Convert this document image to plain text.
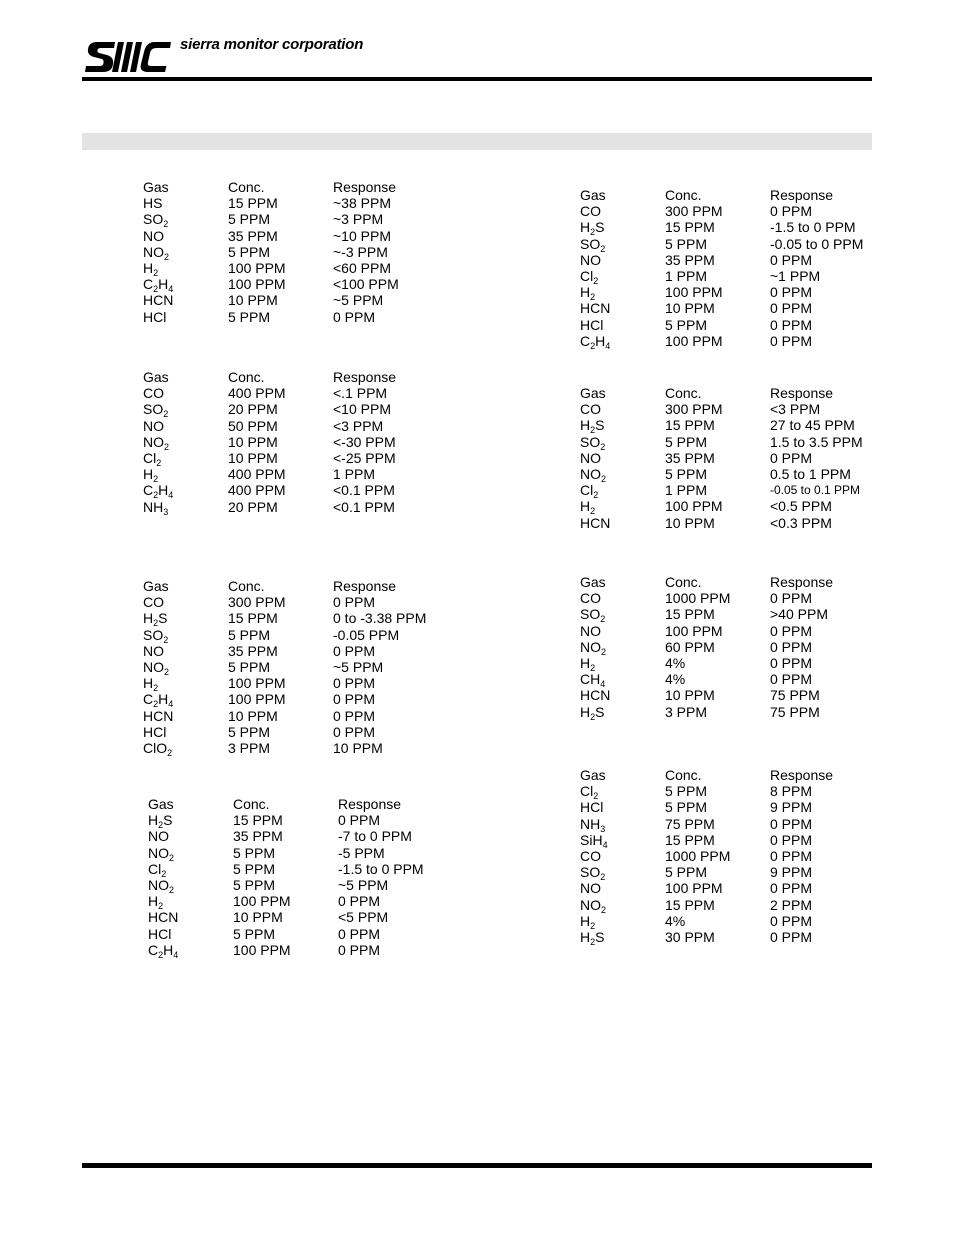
sierra monitor corporation
Gas	Conc.	Response
HS	15 PPM	~38 PPM
$SO_2$	5 PPM	~3 PPM
NO	35 PPM	~10 PPM
$NO_2$	5 PPM	~-3 PPM
$H_2$	100 PPM	<60 PPM
$C_2H_4$	100 PPM	<100 PPM
HCN	10 PPM	~5 PPM
HCl	5 PPM	0 PPM
Gas	Conc.	Response
CO	400 PPM	<.1 PPM
$SO_2$	20 PPM	<10 PPM
NO	50 PPM	<3 PPM
$NO_2$	10 PPM	<-30 PPM
$Cl_2$	10 PPM	<-25 PPM
$H_2$	400 PPM	1 PPM
$C_2H_4$	400 PPM	<0.1 PPM
$NH_3$	20 PPM	<0.1 PPM
Gas	Conc.	Response
CO	300 PPM	0 PPM
$H_2S$	15 PPM	0 to -3.38 PPM
$SO_2$	5 PPM	-0.05 PPM
NO	35 PPM	0 PPM
$NO_2$	5 PPM	~5 PPM
$H_2$	100 PPM	0 PPM
$C_2H_4$	100 PPM	0 PPM
HCN	10 PPM	0 PPM
HCl	5 PPM	0 PPM
ClO$_2$	3 PPM	10 PPM
Gas	Conc.	Response
$H_2S$	15 PPM	0 PPM
NO	35 PPM	-7 to 0 PPM
$NO_2$	5 PPM	-5 PPM
$Cl_2$	5 PPM	-1.5 to 0 PPM
$NO_2$	5 PPM	~5 PPM
$H_2$	100 PPM	0 PPM
HCN	10 PPM	<5 PPM
HCl	5 PPM	0 PPM
$C_2H_4$	100 PPM	0 PPM
Gas	Conc.	Response
CO	300 PPM	0 PPM
$H_2S$	15 PPM	-1.5 to 0 PPM
$SO_2$	5 PPM	-0.05 to 0 PPM
NO	35 PPM	0 PPM
$Cl_2$	1 PPM	~1 PPM
$H_2$	100 PPM	0 PPM
HCN	10 PPM	0 PPM
HCl	5 PPM	0 PPM
$C_2H_4$	100 PPM	0 PPM
Gas	Conc.	Response
CO	300 PPM	<3 PPM
$H_2S$	15 PPM	27 to 45 PPM
$SO_2$	5 PPM	1.5 to 3.5 PPM
NO	35 PPM	0 PPM
$NO_2$	5 PPM	0.5 to 1 PPM
$Cl_2$	1 PPM	-0.05 to 0.1 PPM
$H_2$	100 PPM	<0.5 PPM
HCN	10 PPM	<0.3 PPM
Gas	Conc.	Response
CO	1000 PPM	0 PPM
$SO_2$	15 PPM	>40 PPM
NO	100 PPM	0 PPM
$NO_2$	60 PPM	0 PPM
$H_2$	4%	0 PPM
$CH_4$	4%	0 PPM
HCN	10 PPM	75 PPM
$H_2S$	3 PPM	75 PPM
Gas	Conc.	Response
$Cl_2$	5 PPM	8 PPM
HCl	5 PPM	9 PPM
$NH_3$	75 PPM	0 PPM
SiH$_4$	15 PPM	0 PPM
CO	1000 PPM	0 PPM
$SO_2$	5 PPM	9 PPM
NO	100 PPM	0 PPM
$NO_2$	15 PPM	2 PPM
$H_2$	4%	0 PPM
$H_2S$	30 PPM	0 PPM
